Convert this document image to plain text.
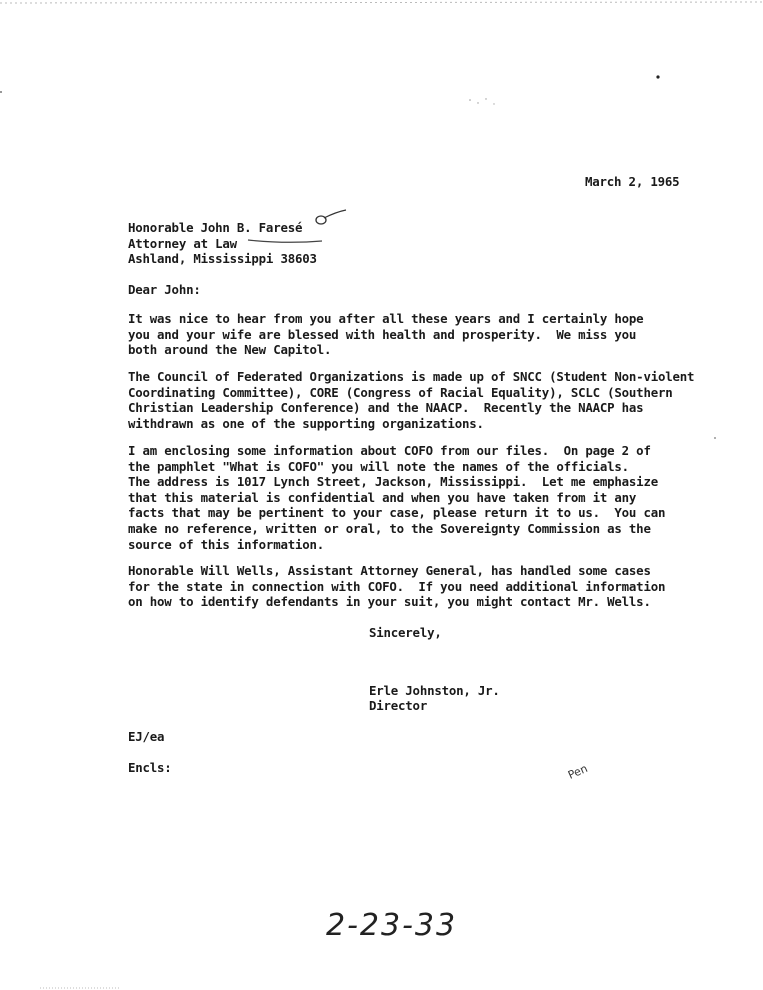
March 2, 1965
Honorable John B. Faresé
Attorney at Law
Ashland, Mississippi 38603
Dear John:
It was nice to hear from you after all these years and I certainly hope
you and your wife are blessed with health and prosperity.  We miss you
both around the New Capitol.
The Council of Federated Organizations is made up of SNCC (Student Non-violent
Coordinating Committee), CORE (Congress of Racial Equality), SCLC (Southern
Christian Leadership Conference) and the NAACP.  Recently the NAACP has
withdrawn as one of the supporting organizations.
I am enclosing some information about COFO from our files.  On page 2 of
the pamphlet "What is COFO" you will note the names of the officials.
The address is 1017 Lynch Street, Jackson, Mississippi.  Let me emphasize
that this material is confidential and when you have taken from it any
facts that may be pertinent to your case, please return it to us.  You can
make no reference, written or oral, to the Sovereignty Commission as the
source of this information.
Honorable Will Wells, Assistant Attorney General, has handled some cases
for the state in connection with COFO.  If you need additional information
on how to identify defendants in your suit, you might contact Mr. Wells.
Sincerely,
Erle Johnston, Jr.
Director
EJ/ea
Encls:	Pen
2-23-33
